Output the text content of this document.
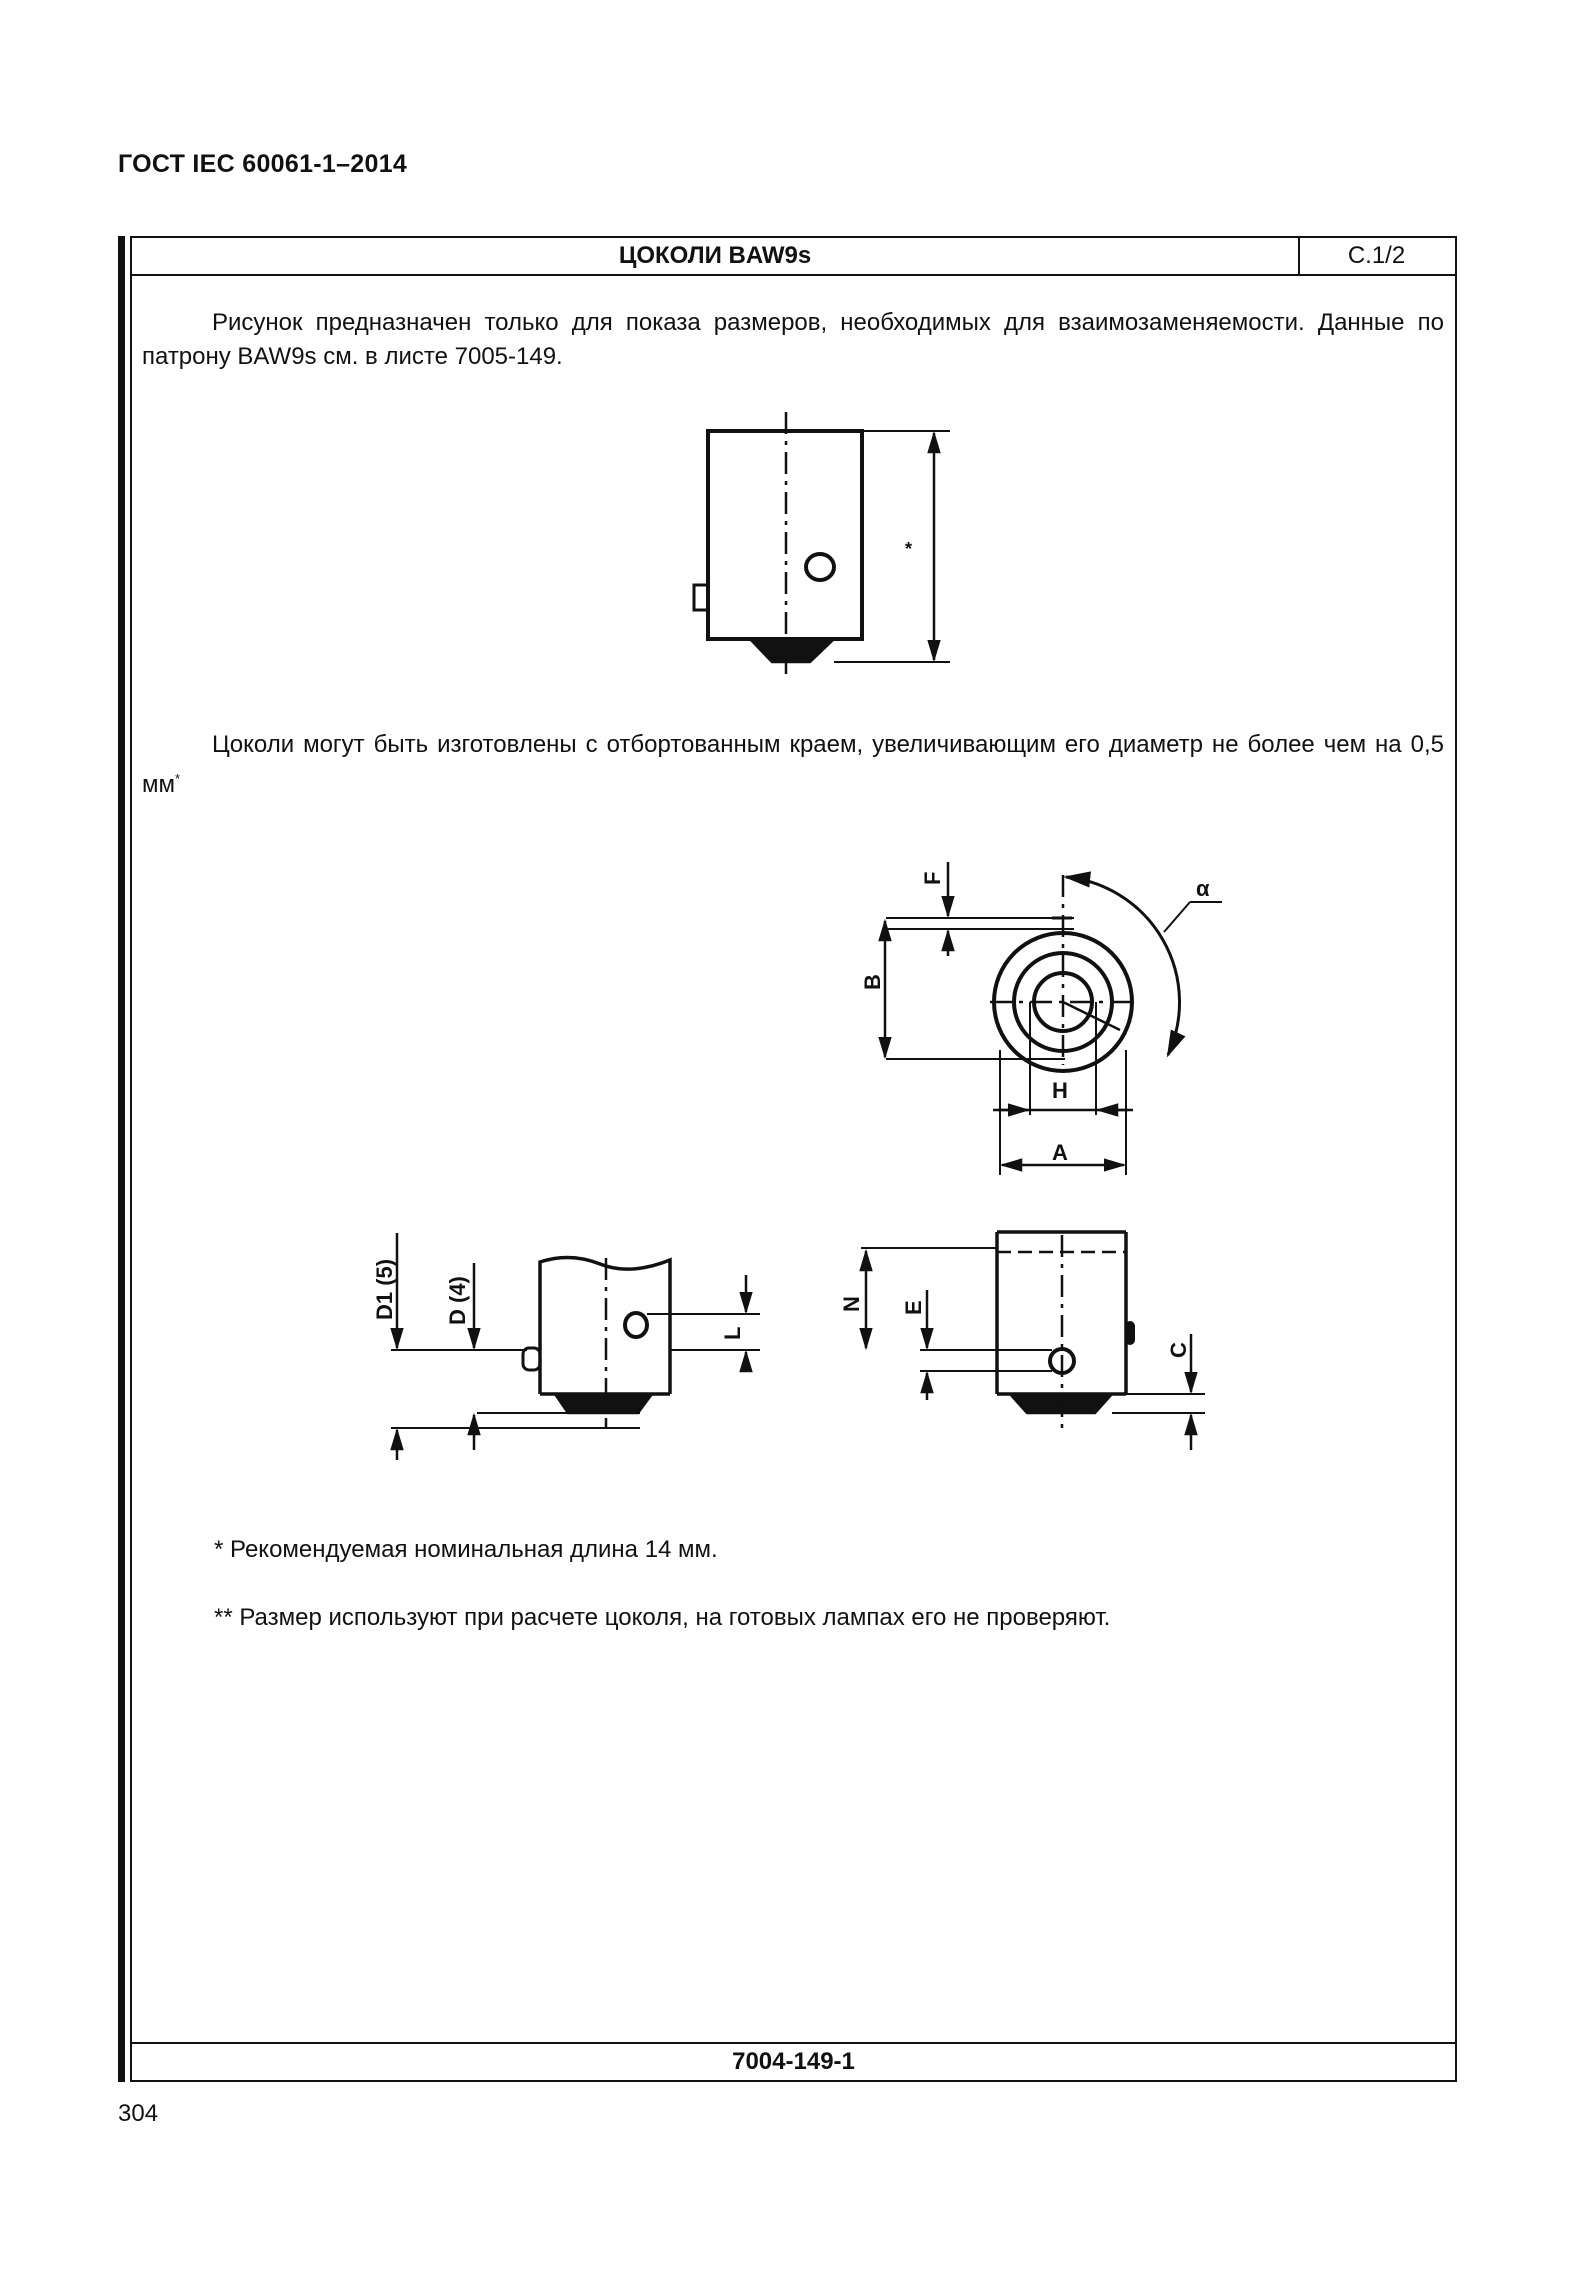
ГОСТ IEC 60061-1–2014
ЦОКОЛИ BAW9s	С.1/2
Рисунок предназначен только для показа размеров, необходимых для взаимозаменяемости. Данные по патрону BAW9s см. в листе 7005-149.
Цоколи могут быть изготовлены с отбортованным краем, увеличивающим его диаметр не более чем на 0,5 мм*
* Рекомендуемая номинальная длина 14 мм.
** Размер используют при расчете цоколя, на готовых лампах его не проверяют.
7004-149-1
304
*
B
F	α
H
A
D1 (5) D (4)
L
N E
C
